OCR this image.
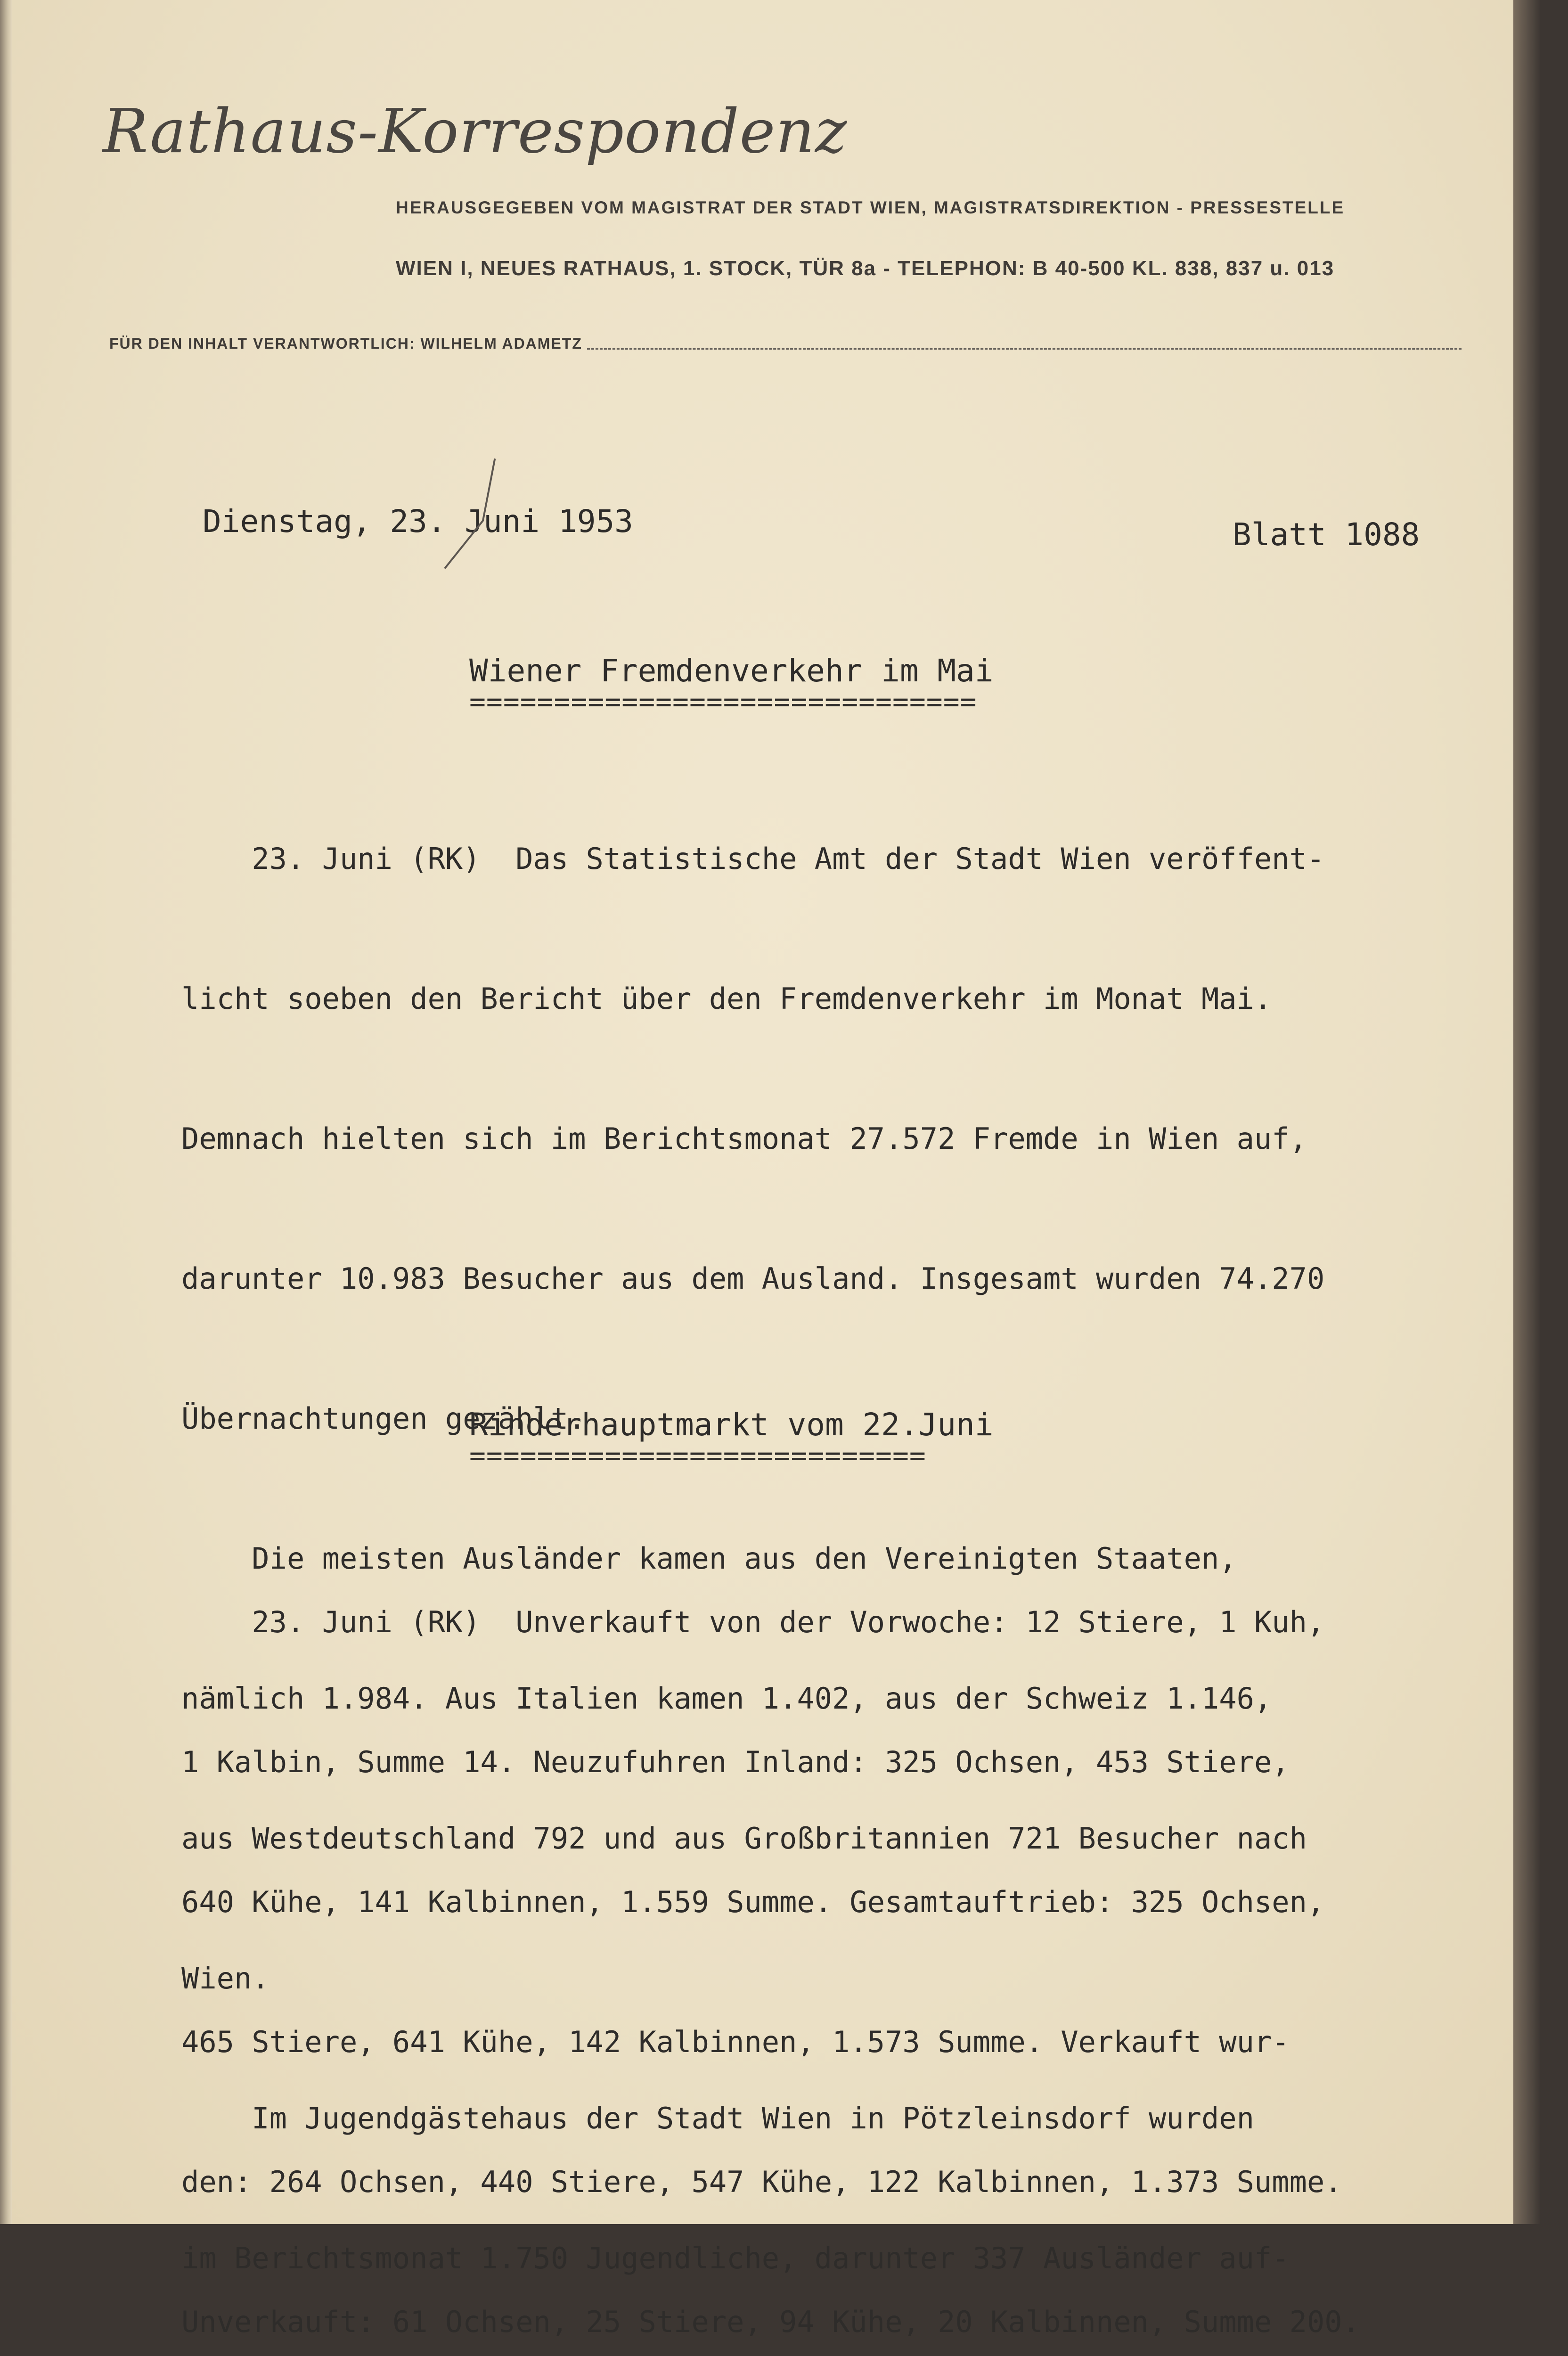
Rathaus-Korrespondenz
HERAUSGEGEBEN VOM MAGISTRAT DER STADT WIEN, MAGISTRATSDIREKTION - PRESSESTELLE
WIEN I, NEUES RATHAUS, 1. STOCK, TÜR 8a - TELEPHON: B 40-500 KL. 838, 837 u. 013
FÜR DEN INHALT VERANTWORTLICH: WILHELM ADAMETZ
Dienstag, 23. Juni 1953	Blatt 1088
Wiener Fremdenverkehr im Mai
==============================

23. Juni (RK)  Das Statistische Amt der Stadt Wien veröffent-

licht soeben den Bericht über den Fremdenverkehr im Monat Mai.

Demnach hielten sich im Berichtsmonat 27.572 Fremde in Wien auf,

darunter 10.983 Besucher aus dem Ausland. Insgesamt wurden 74.270

Übernachtungen gezählt.

Die meisten Ausländer kamen aus den Vereinigten Staaten,

nämlich 1.984. Aus Italien kamen 1.402, aus der Schweiz 1.146,

aus Westdeutschland 792 und aus Großbritannien 721 Besucher nach

Wien.

Im Jugendgästehaus der Stadt Wien in Pötzleinsdorf wurden

im Berichtsmonat 1.750 Jugendliche, darunter 337 Ausländer auf-

Rinderhauptmarkt vom 22.Juni
===========================

23. Juni (RK)  Unverkauft von der Vorwoche: 12 Stiere, 1 Kuh,

1 Kalbin, Summe 14. Neuzufuhren Inland: 325 Ochsen, 453 Stiere,

640 Kühe, 141 Kalbinnen, 1.559 Summe. Gesamtauftrieb: 325 Ochsen,

465 Stiere, 641 Kühe, 142 Kalbinnen, 1.573 Summe. Verkauft wur-

den: 264 Ochsen, 440 Stiere, 547 Kühe, 122 Kalbinnen, 1.373 Summe.

Unverkauft: 61 Ochsen, 25 Stiere, 94 Kühe, 20 Kalbinnen, Summe 200.
